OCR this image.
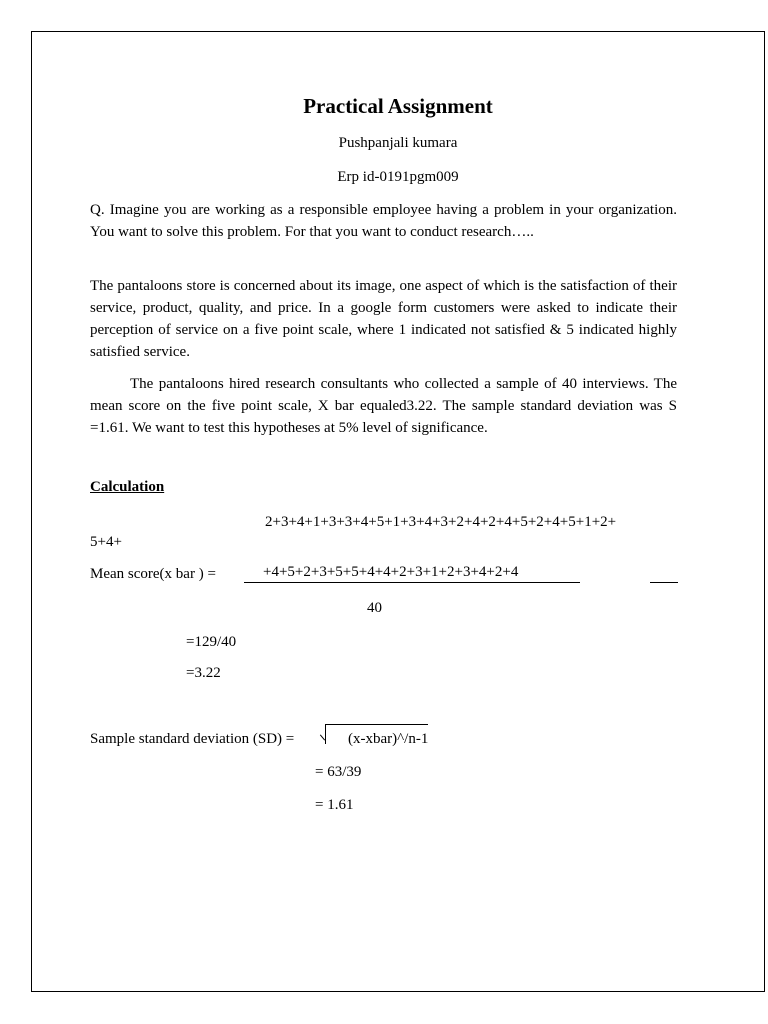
Practical Assignment
Pushpanjali kumara
Erp id-0191pgm009
Q. Imagine you are working as a responsible employee having a problem in your organization. You want to solve this problem. For that you want to conduct research…..
The pantaloons store is concerned about its image, one aspect of which is the satisfaction of their service, product, quality, and price. In a google form customers were asked to indicate their perception of service on a five point scale, where 1 indicated not satisfied & 5 indicated highly satisfied service.
The pantaloons hired research consultants who collected a sample of 40 interviews. The mean score on the five point scale, X bar equaled3.22. The sample standard deviation was S =1.61. We want to test this hypotheses at 5% level of significance.
Calculation
2+3+4+1+3+3+4+5+1+3+4+3+2+4+2+4+5+2+4+5+1+2+
5+4+
Mean score(x bar ) =	+4+5+2+3+5+5+4+4+2+3+1+2+3+4+2+4
40
=129/40
=3.22
Sample standard deviation (SD) =	(x-xbar)^/n-1
= 63/39
= 1.61
